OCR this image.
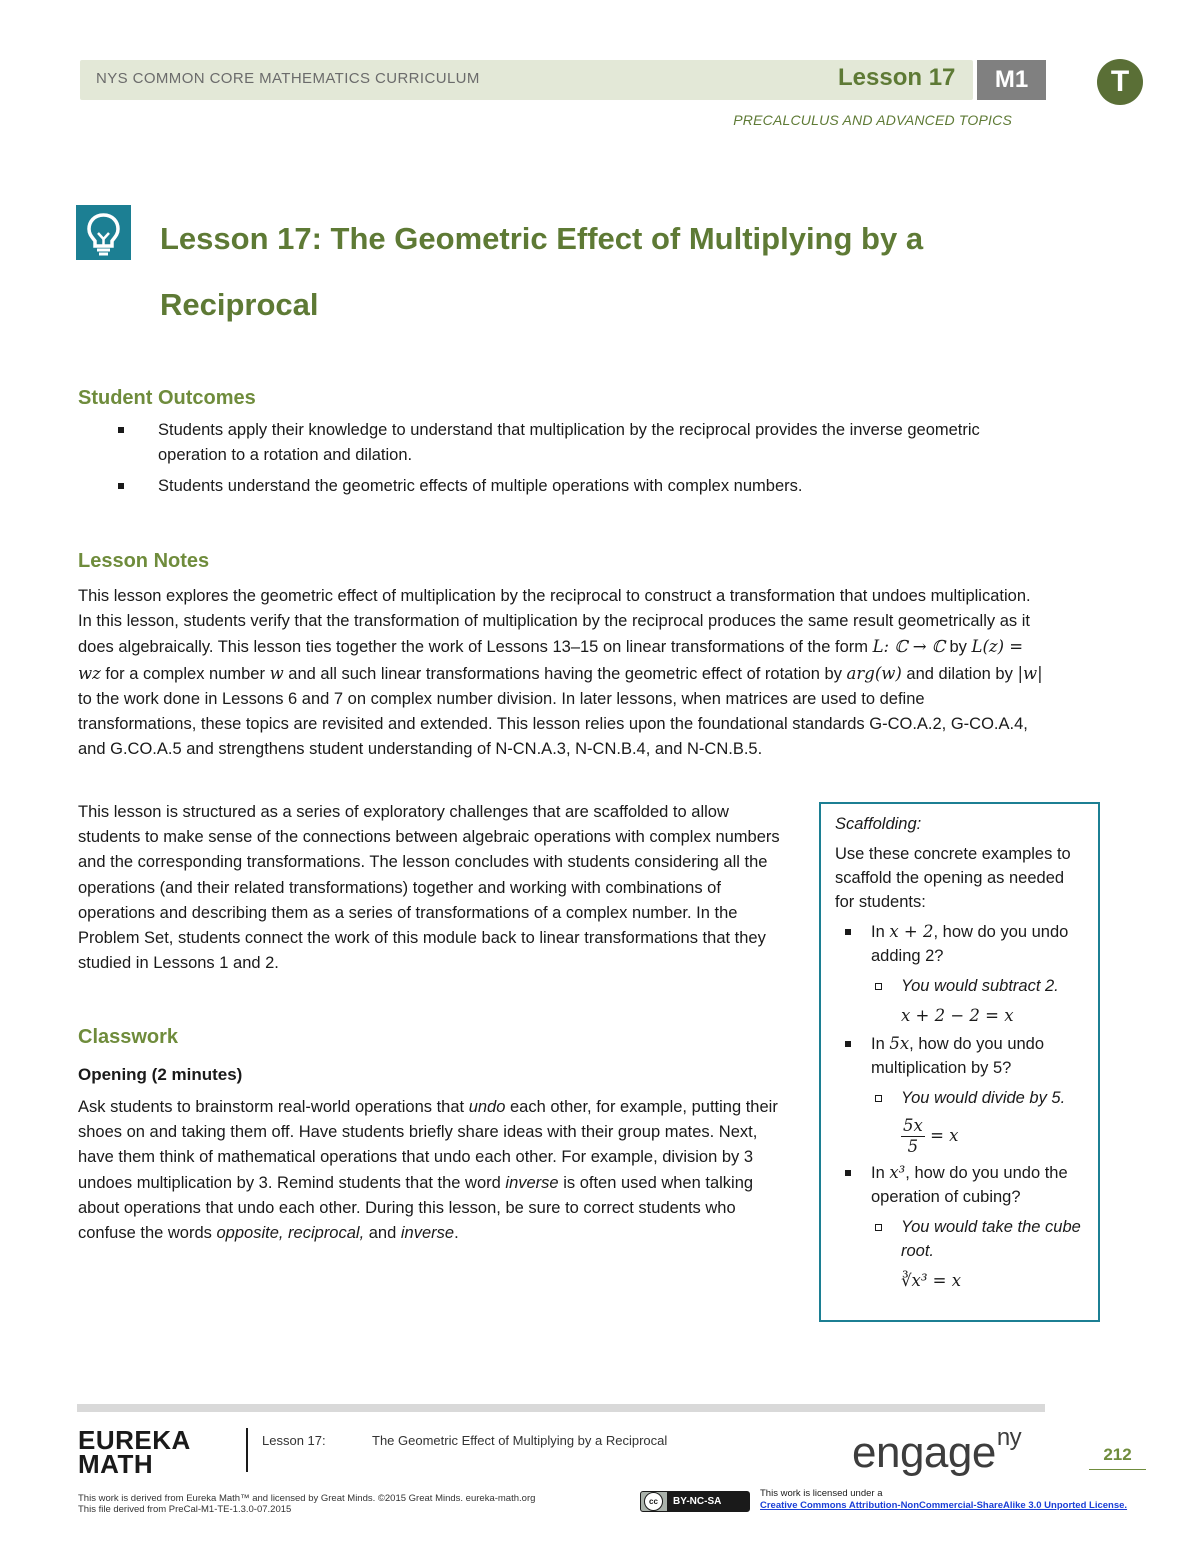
NYS COMMON CORE MATHEMATICS CURRICULUM	Lesson 17	M1	T
PRECALCULUS AND ADVANCED TOPICS
Lesson 17: The Geometric Effect of Multiplying by a
Reciprocal
Student Outcomes
Students apply their knowledge to understand that multiplication by the reciprocal provides the inverse geometric operation to a rotation and dilation.
Students understand the geometric effects of multiple operations with complex numbers.
Lesson Notes

This lesson explores the geometric effect of multiplication by the reciprocal to construct a transformation that undoes multiplication. In this lesson, students verify that the transformation of multiplication by the reciprocal produces the same result geometrically as it does algebraically. This lesson ties together the work of Lessons 13–15 on linear transformations of the form L: ℂ → ℂ by L(z) = wz for a complex number w and all such linear transformations having the geometric effect of rotation by arg(w) and dilation by |w| to the work done in Lessons 6 and 7 on complex number division. In later lessons, when matrices are used to define transformations, these topics are revisited and extended. This lesson relies upon the foundational standards G-CO.A.2, G-CO.A.4, and G.CO.A.5 and strengthens student understanding of N-CN.A.3, N-CN.B.4, and N-CN.B.5.

This lesson is structured as a series of exploratory challenges that are scaffolded to allow students to make sense of the connections between algebraic operations with complex numbers and the corresponding transformations. The lesson concludes with students considering all the operations (and their related transformations) together and working with combinations of operations and describing them as a series of transformations of a complex number. In the Problem Set, students connect the work of this module back to linear transformations that they studied in Lessons 1 and 2.
Classwork
Opening (2 minutes)

Ask students to brainstorm real-world operations that undo each other, for example, putting their shoes on and taking them off. Have students briefly share ideas with their group mates. Next, have them think of mathematical operations that undo each other. For example, division by 3 undoes multiplication by 3. Remind students that the word inverse is often used when talking about operations that undo each other. During this lesson, be sure to correct students who confuse the words opposite, reciprocal, and inverse.

Scaffolding:
Use these concrete examples to scaffold the opening as needed for students:
In x + 2, how do you undo adding 2?
You would subtract 2.
x + 2 − 2 = x
In 5x, how do you undo multiplication by 5?
You would divide by 5.
$\frac{5x}{5} = x$
In x³, how do you undo the operation of cubing?
You would take the cube root.
∛x³ = x
EUREKA
MATH
Lesson 17:	The Geometric Effect of Multiplying by a Reciprocal	engage$^{ny}$
212
This work is derived from Eureka Math™ and licensed by Great Minds. ©2015 Great Minds. eureka-math.org
This file derived from PreCal-M1-TE-1.3.0-07.2015
cc	BY-NC-SA
This work is licensed under a
Creative Commons Attribution-NonCommercial-ShareAlike 3.0 Unported License.
